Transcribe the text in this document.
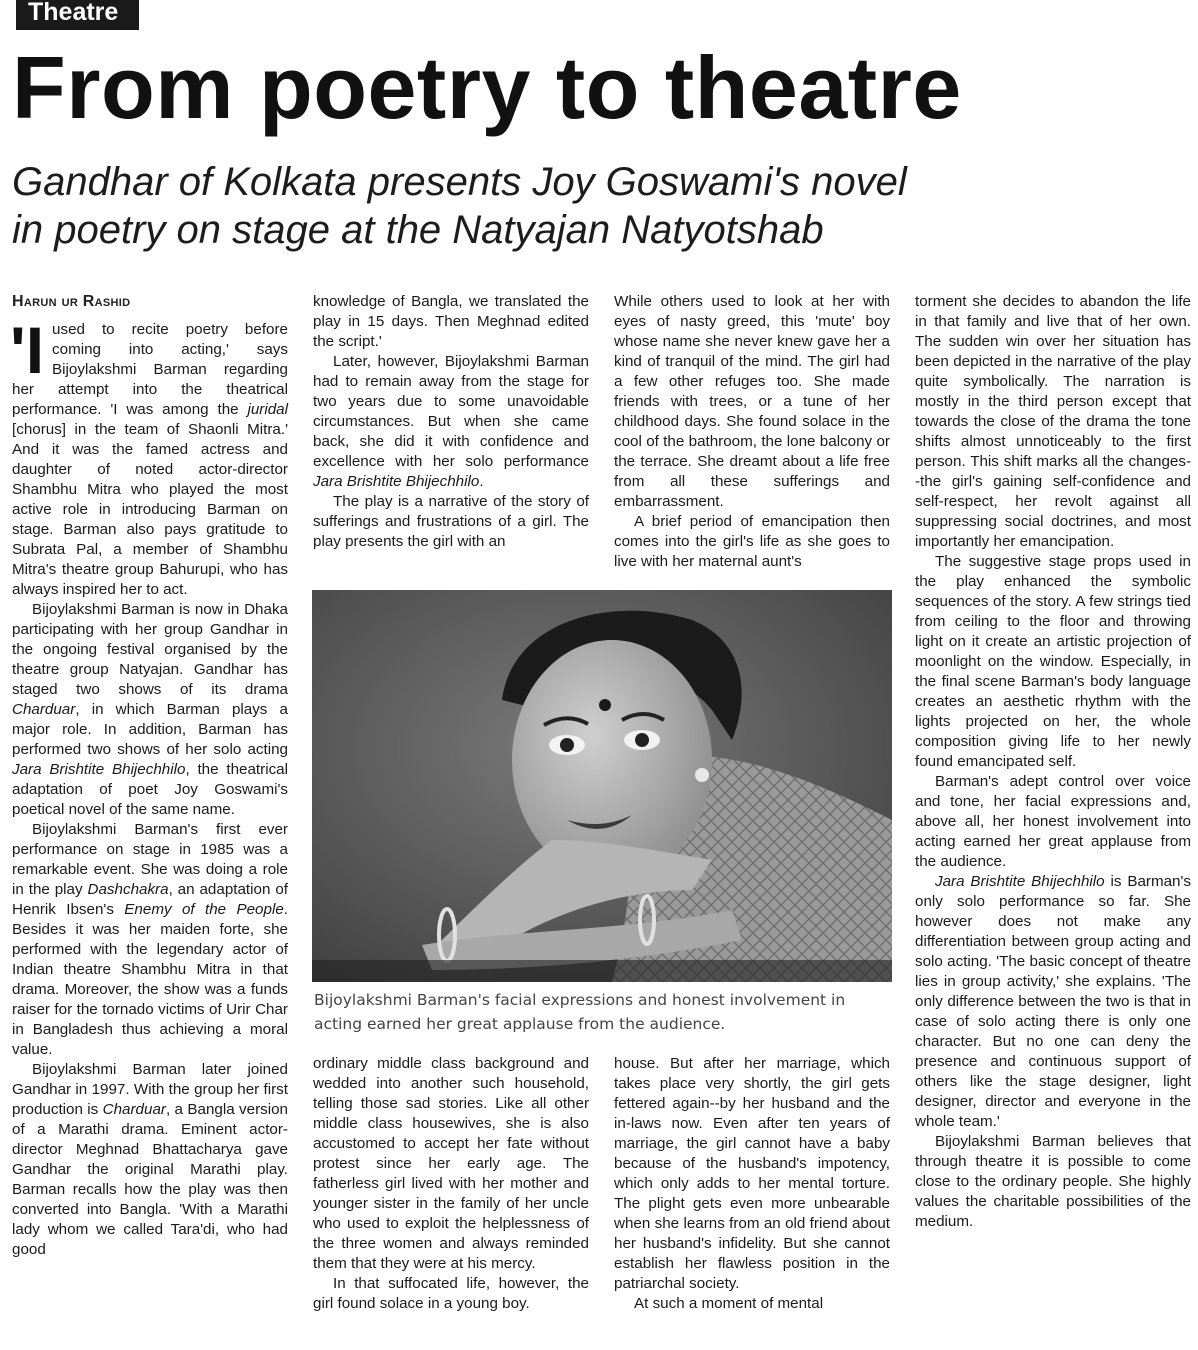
Theatre
From poetry to theatre
Gandhar of Kolkata presents Joy Goswami's novel
in poetry on stage at the Natyajan Natyotshab
Harun ur Rashid

'Iused to recite poetry before coming into acting,' says Bijoylakshmi Barman regarding her attempt into the theatrical performance. 'I was among the juridal [chorus] in the team of Shaonli Mitra.' And it was the famed actress and daughter of noted actor-director Shambhu Mitra who played the most active role in introducing Barman on stage. Barman also pays gratitude to Subrata Pal, a member of Shambhu Mitra's theatre group Bahurupi, who has always inspired her to act.

Bijoylakshmi Barman is now in Dhaka participating with her group Gandhar in the ongoing festival organised by the theatre group Natyajan. Gandhar has staged two shows of its drama Charduar, in which Barman plays a major role. In addition, Barman has performed two shows of her solo acting Jara Brishtite Bhijechhilo, the theatrical adaptation of poet Joy Goswami's poetical novel of the same name.

Bijoylakshmi Barman's first ever performance on stage in 1985 was a remarkable event. She was doing a role in the play Dashchakra, an adaptation of Henrik Ibsen's Enemy of the People. Besides it was her maiden forte, she performed with the legendary actor of Indian theatre Shambhu Mitra in that drama. Moreover, the show was a funds raiser for the tornado victims of Urir Char in Bangladesh thus achieving a moral value.

Bijoylakshmi Barman later joined Gandhar in 1997. With the group her first production is Charduar, a Bangla version of a Marathi drama. Eminent actor-director Meghnad Bhattacharya gave Gandhar the original Marathi play. Barman recalls how the play was then converted into Bangla. 'With a Marathi lady whom we called Tara'di, who had good

knowledge of Bangla, we translated the play in 15 days. Then Meghnad edited the script.'

Later, however, Bijoylakshmi Barman had to remain away from the stage for two years due to some unavoidable circumstances. But when she came back, she did it with confidence and excellence with her solo performance Jara Brishtite Bhijechhilo.

The play is a narrative of the story of sufferings and frustrations of a girl. The play presents the girl with an

While others used to look at her with eyes of nasty greed, this 'mute' boy whose name she never knew gave her a kind of tranquil of the mind. The girl had a few other refuges too. She made friends with trees, or a tune of her childhood days. She found solace in the cool of the bathroom, the lone balcony or the terrace. She dreamt about a life free from all these sufferings and embarrassment.

A brief period of emancipation then comes into the girl's life as she goes to live with her maternal aunt's

Bijoylakshmi Barman's facial expressions and honest involvement in acting earned her great applause from the audience.

ordinary middle class background and wedded into another such household, telling those sad stories. Like all other middle class housewives, she is also accustomed to accept her fate without protest since her early age. The fatherless girl lived with her mother and younger sister in the family of her uncle who used to exploit the helplessness of the three women and always reminded them that they were at his mercy.

In that suffocated life, however, the girl found solace in a young boy.

house. But after her marriage, which takes place very shortly, the girl gets fettered again--by her husband and the in-laws now. Even after ten years of marriage, the girl cannot have a baby because of the husband's impotency, which only adds to her mental torture. The plight gets even more unbearable when she learns from an old friend about her husband's infidelity. But she cannot establish her flawless position in the patriarchal society.

At such a moment of mental

torment she decides to abandon the life in that family and live that of her own. The sudden win over her situation has been depicted in the narrative of the play quite symbolically. The narration is mostly in the third person except that towards the close of the drama the tone shifts almost unnoticeably to the first person. This shift marks all the changes--the girl's gaining self-confidence and self-respect, her revolt against all suppressing social doctrines, and most importantly her emancipation.

The suggestive stage props used in the play enhanced the symbolic sequences of the story. A few strings tied from ceiling to the floor and throwing light on it create an artistic projection of moonlight on the window. Especially, in the final scene Barman's body language creates an aesthetic rhythm with the lights projected on her, the whole composition giving life to her newly found emancipated self.

Barman's adept control over voice and tone, her facial expressions and, above all, her honest involvement into acting earned her great applause from the audience.

Jara Brishtite Bhijechhilo is Barman's only solo performance so far. She however does not make any differentiation between group acting and solo acting. 'The basic concept of theatre lies in group activity,' she explains. 'The only difference between the two is that in case of solo acting there is only one character. But no one can deny the presence and continuous support of others like the stage designer, light designer, director and everyone in the whole team.'

Bijoylakshmi Barman believes that through theatre it is possible to come close to the ordinary people. She highly values the charitable possibilities of the medium.
